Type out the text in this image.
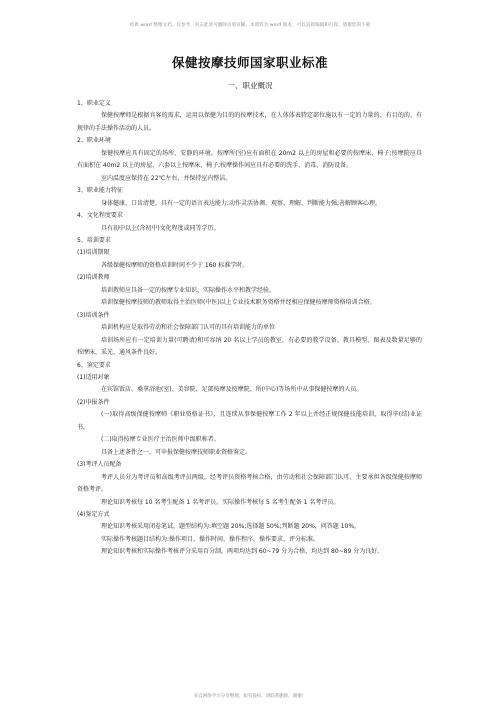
经典 word 整理文档，仅参考，双击此处可删除页眉页脚。本资料为 word 版本，可以直接编辑和打印，感谢您的下载
保健按摩技师国家职业标准
一、职业概况

1、职业定义

保健按摩师是根据宾客的需求，运用以保健为目的的按摩技术，在人体体表特定部位施以有一定的力量的、有目的的、有规律的手法操作活动的人员。

2、职业环境

保健按摩应具有固定的场所、安静的环境。按摩所(室)应有面积在 20m2 以上的房屋和必要的按摩床、椅子;按摩院应具有面积在 40m2 以上的房屋，六套以上按摩床、椅子;按摩操作间应具有必要的洗手、消毒、消防设备。

室内温度应保持在 22℃左右，并保持室内整洁。

3、职业能力特征

身体健康、口齿清楚，具有一定的语言表达能力;动作灵活协调、观察、理解、判断能力强;善解顾客心理。

4、文化程度要求

具有初中以上(含初中)文化程度或同等学历。

5、培训要求

(1)培训期限

各级保健按摩师的资格培训时间不少于 160 标准学时。

(2)培训教师

培训教师应具备一定的按摩专业知识、实际操作水平和教学经验。

培训保健按摩技师的教师取得主治医师(中医)以上专业技术职务资格并经相应保健按摩师资格培训合格。

(3)培训条件

培训机构应是取得劳动和社会保障部门认可的具有培训能力的单位

培训场所应有一定培训力量(可聘请)和可容纳 20 名以上学员的教室，有必要的教学设备、教具模型、图表及数量足够的按摩床，采光、通风条件良好。

6、鉴定要求

(1)适用对象

在宾馆饭店、桑拿浴池(室)、美容院、足部按摩及按摩院、所(中心)等场所中从事保健按摩的人员。

(2)申报条件

(一)取得高级保健按摩师《职业资格证书》，且连续从事保健按摩工作 2 年以上并经正规保健技能培训，取得毕(结)业证书。

(二)取得按摩专业医疗主治医师中级职称者。

具备上述条件之一，可申报保健按摩技师职业资格鉴定。

(3)考评人员配备

考评人员分为考评员和高级考评员两级，经考评员资格考核合格，由劳动和社会保障部门认可、主要承担各级保健按摩师资格考评。

理论知识考核每 10 名考生配备 1 名考评员，实际操作考核每 5 名考生配备 1 名考评员。

(4)鉴定方式

理论知识考核采用闭卷笔试，题型结构为:填空题 20%;选择题 50%;判断题 20%，问答题 10%。

实际操作考核题目结构为:操作项目、操作时间、操作程序、操作要求、评分标准。

理论知识考核和实际操作考核评分采用百分制，两项均达到 60~79 分为合格，均达到 80~89 分为良好。

来自网络学习分享整理，如有侵权，请联系删除，谢谢！
